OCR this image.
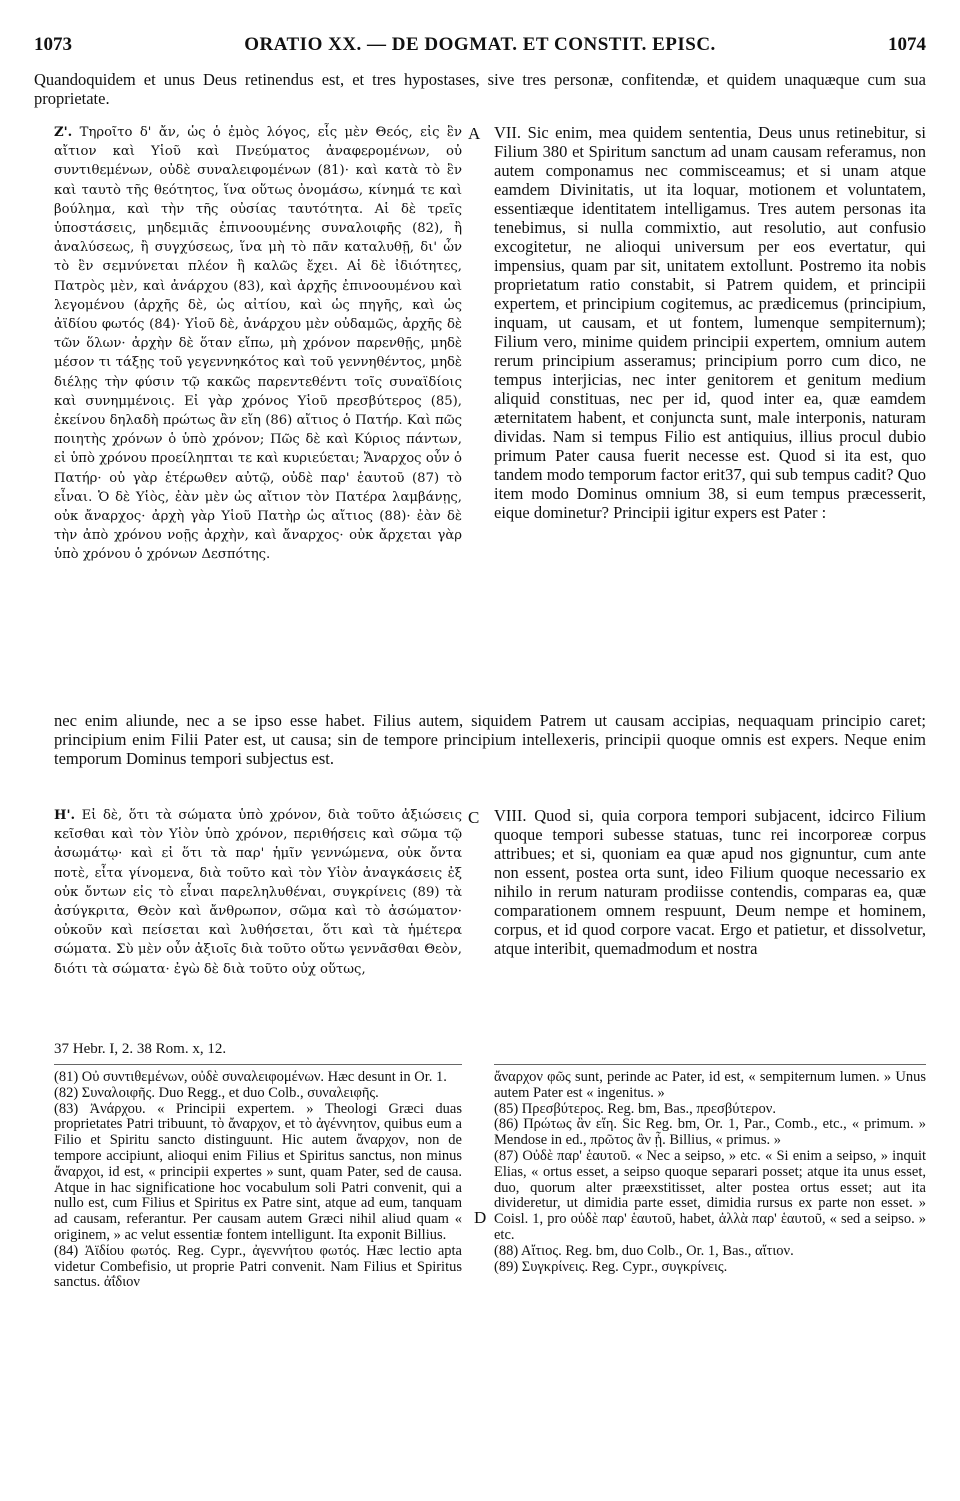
1073	ORATIO XX. — DE DOGMAT. ET CONSTIT. EPISC.	1074
Quandoquidem et unus Deus retinendus est, et tres hypostases, sive tres personæ, confitendæ, et quidem unaquæque cum sua proprietate.
Ζ'. Τηροῖτο δ' ἄν, ὡς ὁ ἐμὸς λόγος, εἷς μὲν Θεός, εἰς ἓν αἴτιον καὶ Υἱοῦ καὶ Πνεύματος ἀναφερομένων, οὐ συντιθεμένων, οὐδὲ συναλειφομένων (81)· καὶ κατὰ τὸ ἓν καὶ ταυτὸ τῆς θεότητος, ἵνα οὕτως ὀνομάσω, κίνημά τε καὶ βούλημα, καὶ τὴν τῆς οὐσίας ταυτότητα. Αἱ δὲ τρεῖς ὑποστάσεις, μηδεμιᾶς ἐπινοουμένης συναλοιφῆς (82), ἢ ἀναλύσεως, ἢ συγχύσεως, ἵνα μὴ τὸ πᾶν καταλυθῇ, δι' ὧν τὸ ἓν σεμνύνεται πλέον ἢ καλῶς ἔχει. Αἱ δὲ ἰδιότητες, Πατρὸς μὲν, καὶ ἀνάρχου (83), καὶ ἀρχῆς ἐπινοουμένου καὶ λεγομένου (ἀρχῆς δὲ, ὡς αἰτίου, καὶ ὡς πηγῆς, καὶ ὡς ἀϊδίου φωτός (84)· Υἱοῦ δὲ, ἀνάρχου μὲν οὐδαμῶς, ἀρχῆς δὲ τῶν ὅλων· ἀρχὴν δὲ ὅταν εἴπω, μὴ χρόνον παρενθῇς, μηδὲ μέσον τι τάξῃς τοῦ γεγεννηκότος καὶ τοῦ γεννηθέντος, μηδὲ διέλῃς τὴν φύσιν τῷ κακῶς παρεντεθέντι τοῖς συναϊδίοις καὶ συνημμένοις. Εἰ γὰρ χρόνος Υἱοῦ πρεσβύτερος (85), ἐκείνου δηλαδὴ πρώτως ἂν εἴη (86) αἴτιος ὁ Πατήρ. Καὶ πῶς ποιητὴς χρόνων ὁ ὑπὸ χρόνον; Πῶς δὲ καὶ Κύριος πάντων, εἰ ὑπὸ χρόνου προείληπται τε καὶ κυριεύεται; Ἄναρχος οὖν ὁ Πατήρ· οὐ γὰρ ἑτέρωθεν αὐτῷ, οὐδὲ παρ' ἑαυτοῦ (87) τὸ εἶναι. Ὁ δὲ Υἱὸς, ἐὰν μὲν ὡς αἴτιον τὸν Πατέρα λαμβάνῃς, οὐκ ἄναρχος· ἀρχὴ γὰρ Υἱοῦ Πατὴρ ὡς αἴτιος (88)· ἐὰν δὲ τὴν ἀπὸ χρόνου νοῇς ἀρχὴν, καὶ ἄναρχος· οὐκ ἄρχεται γὰρ ὑπὸ χρόνου ὁ χρόνων Δεσπότης.
A VII. Sic enim, mea quidem sententia, Deus unus retinebitur, si Filium 380 et Spiritum sanctum ad unam causam referamus, non autem componamus nec commisceamus; et si unam atque eamdem Divinitatis, ut ita loquar, motionem et voluntatem, essentiæque identitatem intelligamus. Tres autem personas ita tenebimus, si nulla commixtio, aut resolutio, aut confusio excogitetur, ne alioqui universum per eos evertatur, qui impensius, quam par sit, unitatem extollunt. Postremo ita nobis proprietatum ratio constabit, si Patrem quidem, et principii expertem, et principium cogitemus, ac prædicemus (principium, inquam, ut causam, et ut fontem, lumenque sempiternum); Filium vero, minime quidem principii expertem, omnium autem rerum principium asseramus; principium porro cum dico, ne tempus interjicias, nec inter genitorem et genitum medium aliquid constituas, nec per id, quod inter ea, quæ eamdem æternitatem habent, et conjuncta sunt, male interponis, naturam dividas. Nam si tempus Filio est antiquius, illius procul dubio primum Pater causa fuerit necesse est. Quod si ita est, quo tandem modo temporum factor erit37, qui sub tempus cadit? Quo item modo Dominus omnium 38, si eum tempus præcesserit, eique dominetur? Principii igitur expers est Pater :
nec enim aliunde, nec a se ipso esse habet. Filius autem, siquidem Patrem ut causam accipias, nequaquam principio caret; principium enim Filii Pater est, ut causa; sin de tempore principium intellexeris, principii quoque omnis est expers. Neque enim temporum Dominus tempori subjectus est.
Η'. Εἰ δὲ, ὅτι τὰ σώματα ὑπὸ χρόνον, διὰ τοῦτο ἀξιώσεις κεῖσθαι καὶ τὸν Υἱὸν ὑπὸ χρόνον, περιθήσεις καὶ σῶμα τῷ ἀσωμάτῳ· καὶ εἰ ὅτι τὰ παρ' ἡμῖν γεννώμενα, οὐκ ὄντα ποτὲ, εἶτα γίνομενα, διὰ τοῦτο καὶ τὸν Υἱὸν ἀναγκάσεις ἐξ οὐκ ὄντων εἰς τὸ εἶναι παρεληλυθέναι, συγκρίνεις (89) τὰ ἀσύγκριτα, Θεὸν καὶ ἄνθρωπον, σῶμα καὶ τὸ ἀσώματον· οὐκοῦν καὶ πείσεται καὶ λυθήσεται, ὅτι καὶ τὰ ἡμέτερα σώματα. Σὺ μὲν οὖν ἀξιοῖς διὰ τοῦτο οὕτω γεννᾶσθαι Θεὸν, διότι τὰ σώματα· ἐγὼ δὲ διὰ τοῦτο οὐχ οὕτως,
C VIII. Quod si, quia corpora tempori subjacent, idcirco Filium quoque tempori subesse statuas, tunc rei incorporeæ corpus attribues; et si, quoniam ea quæ apud nos gignuntur, cum ante non essent, postea orta sunt, ideo Filium quoque necessario ex nihilo in rerum naturam prodiisse contendis, comparas ea, quæ comparationem omnem respuunt, Deum nempe et hominem, corpus, et id quod corpore vacat. Ergo et patietur, et dissolvetur, atque interibit, quemadmodum et nostra
37 Hebr. I, 2. 38 Rom. x, 12.
(81) Οὐ συντιθεμένων, οὐδὲ συναλειφομένων. Hæc desunt in Or. 1.
(82) Συναλοιφῆς. Duo Regg., et duo Colb., συναλειφῆς.
(83) Ἀνάρχου. « Principii expertem. » Theologi Græci duas proprietates Patri tribuunt, τὸ ἄναρχον, et τὸ ἀγέννητον, quibus eum a Filio et Spiritu sancto distinguunt. Hic autem ἄναρχον, non de tempore accipiunt, alioqui enim Filius et Spiritus sanctus, non minus ἄναρχοι, id est, « principii expertes » sunt, quam Pater, sed de causa. Atque in hac significatione hoc vocabulum soli Patri convenit, qui a nullo est, cum Filius et Spiritus ex Patre sint, atque ad eum, tanquam ad causam, referantur. Per causam autem Græci nihil aliud quam « originem, » ac velut essentiæ fontem intelligunt. Ita exponit Billius.
(84) Ἀϊδίου φωτός. Reg. Cypr., ἀγεννήτου φωτός. Hæc lectio apta videtur Combefisio, ut proprie Patri convenit. Nam Filius et Spiritus sanctus. ἀΐδιον
D
ἄναρχον φῶς sunt, perinde ac Pater, id est, « sempiternum lumen. » Unus autem Pater est « ingenitus. »
(85) Πρεσβύτερος. Reg. bm, Bas., πρεσβύτερον.
(86) Πρώτως ἂν εἴη. Sic Reg. bm, Or. 1, Par., Comb., etc., « primum. » Mendose in ed., πρῶτος ἂν ᾖ. Billius, « primus. »
(87) Οὐδὲ παρ' ἑαυτοῦ. « Nec a seipso, » etc. « Si enim a seipso, » inquit Elias, « ortus esset, a seipso quoque separari posset; atque ita unus esset, duo, quorum alter præexstitisset, alter postea ortus esset; aut ita divideretur, ut dimidia parte esset, dimidia rursus ex parte non esset. » Coisl. 1, pro οὐδὲ παρ' ἑαυτοῦ, habet, ἀλλὰ παρ' ἑαυτοῦ, « sed a seipso. » etc.
(88) Αἴτιος. Reg. bm, duo Colb., Or. 1, Bas., αἴτιον.
(89) Συγκρίνεις. Reg. Cypr., συγκρίνεις.
